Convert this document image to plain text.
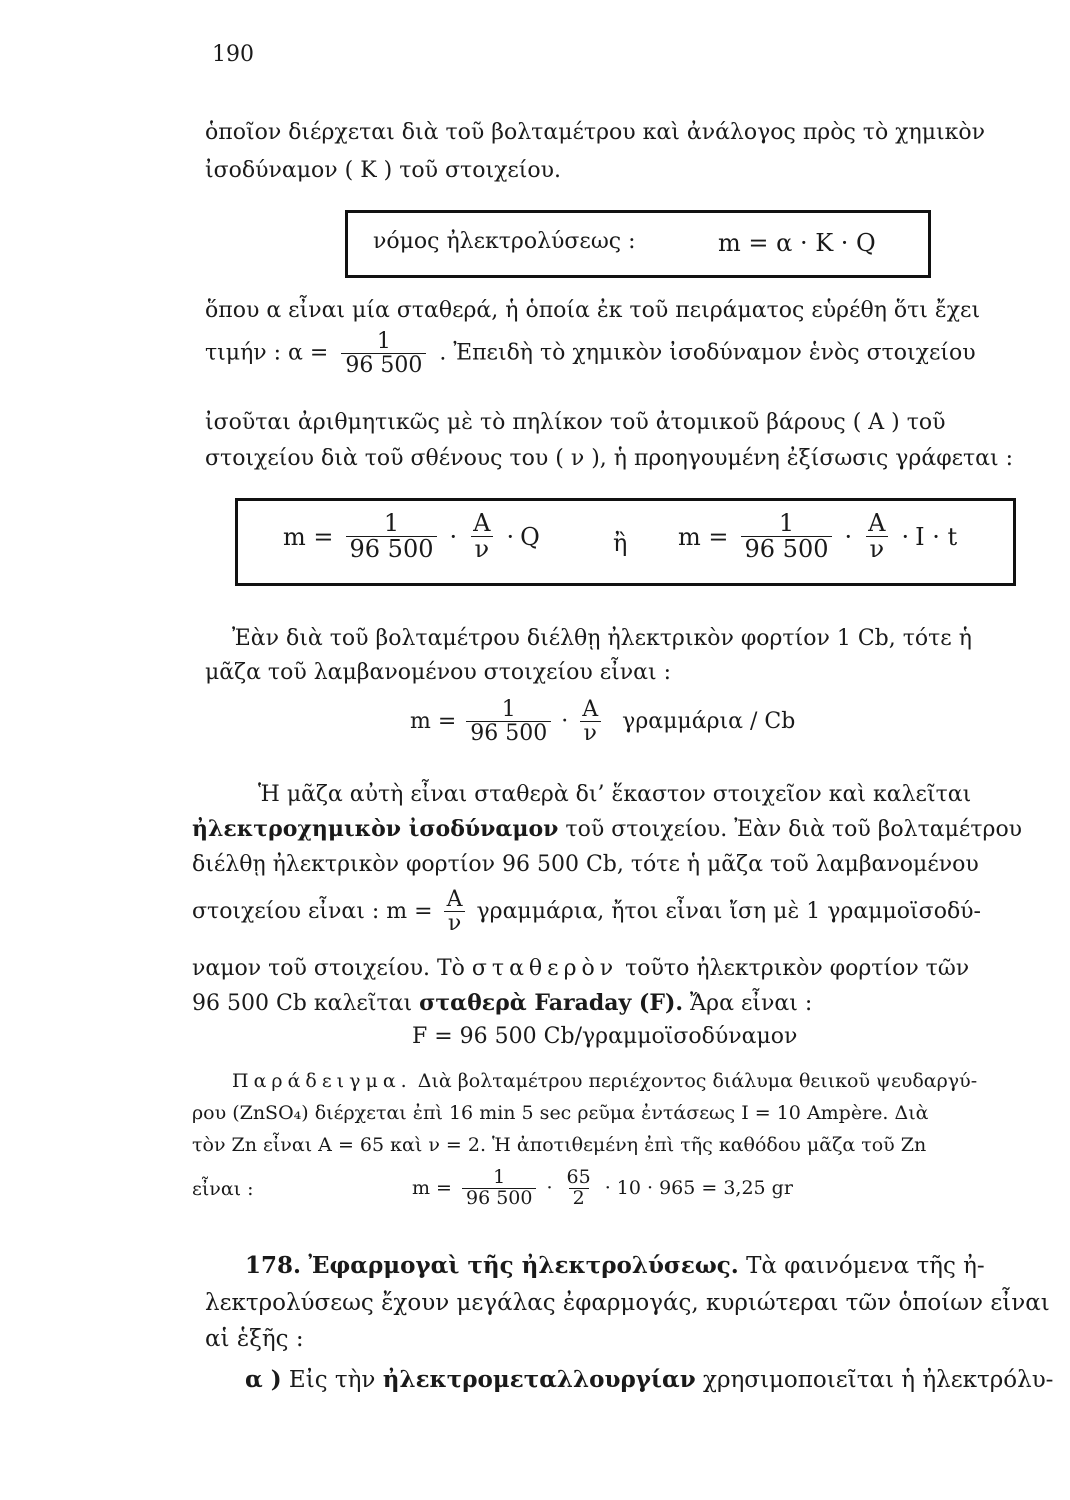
190
ὁποῖον διέρχεται διὰ τοῦ βολταμέτρου καὶ ἀνάλογος πρὸς τὸ χημικὸν
ἰσοδύναμον ( K ) τοῦ στοιχείου.
νόμος ἠλεκτρολύσεως :	m = α · K · Q
ὅπου α εἶναι μία σταθερά, ἡ ὁποία ἐκ τοῦ πειράματος εὑρέθη ὅτι ἔχει
τιμήν : $\alpha = \frac{1}{96 500}$ . Ἐπειδὴ τὸ χημικὸν ἰσοδύναμον ἑνὸς στοιχείου
ἰσοῦται ἀριθμητικῶς μὲ τὸ πηλίκον τοῦ ἀτομικοῦ βάρους ( A ) τοῦ
στοιχείου διὰ τοῦ σθένους του ( ν ), ἡ προηγουμένη ἐξίσωσις γράφεται :
$m = \frac{1}{96 500} \cdot \frac{A}{\nu} \cdot Q$	ἢ $m = \frac{1}{96 500} \cdot \frac{A}{\nu} \cdot I \cdot t$
Ἐὰν διὰ τοῦ βολταμέτρου διέλθῃ ἠλεκτρικὸν φορτίον 1 Cb, τότε ἡ
μᾶζα τοῦ λαμβανομένου στοιχείου εἶναι :
$m = \frac{1}{96 500} \cdot \frac{A}{\nu}$ γραμμάρια / Cb
Ἡ μᾶζα αὐτὴ εἶναι σταθερὰ δι’ ἕκαστον στοιχεῖον καὶ καλεῖται
ἠλεκτροχημικὸν ἰσοδύναμον τοῦ στοιχείου. Ἐὰν διὰ τοῦ βολταμέτρου
διέλθῃ ἠλεκτρικὸν φορτίον 96 500 Cb, τότε ἡ μᾶζα τοῦ λαμβανομένου
στοιχείου εἶναι : $m = \frac{A}{\nu} \gamma\rho\alpha\mu\mu ά\rho\iota\alpha$, ἤτοι εἶναι ἴση μὲ 1 γραμμοϊσοδύ-
ναμον τοῦ στοιχείου. Τὸ σταθερὸν τοῦτο ἠλεκτρικὸν φορτίον τῶν
96 500 Cb καλεῖται σταθερὰ Faraday (F). Ἄρα εἶναι :
F = 96 500 Cb/γραμμοϊσοδύναμον
Παράδειγμα. Διὰ βολταμέτρου περιέχοντος διάλυμα θειικοῦ ψευδαργύ-
ρου (ZnSO₄) διέρχεται ἐπὶ 16 min 5 sec ρεῦμα ἐντάσεως I = 10 Ampère. Διὰ
τὸν Zn εἶναι A = 65 καὶ ν = 2. Ἡ ἀποτιθεμένη ἐπὶ τῆς καθόδου μᾶζα τοῦ Zn
εἶναι :	$m = \frac{1}{96 500} \cdot \frac{65}{2} \cdot 10 \cdot 965 = 3,25$ gr
178. Ἐφαρμογαὶ τῆς ἠλεκτρολύσεως. Τὰ φαινόμενα τῆς ἠ-
λεκτρολύσεως ἔχουν μεγάλας ἐφαρμογάς, κυριώτεραι τῶν ὁποίων εἶναι
αἱ ἑξῆς :
α ) Εἰς τὴν ἠλεκτρομεταλλουργίαν χρησιμοποιεῖται ἡ ἠλεκτρόλυ-
